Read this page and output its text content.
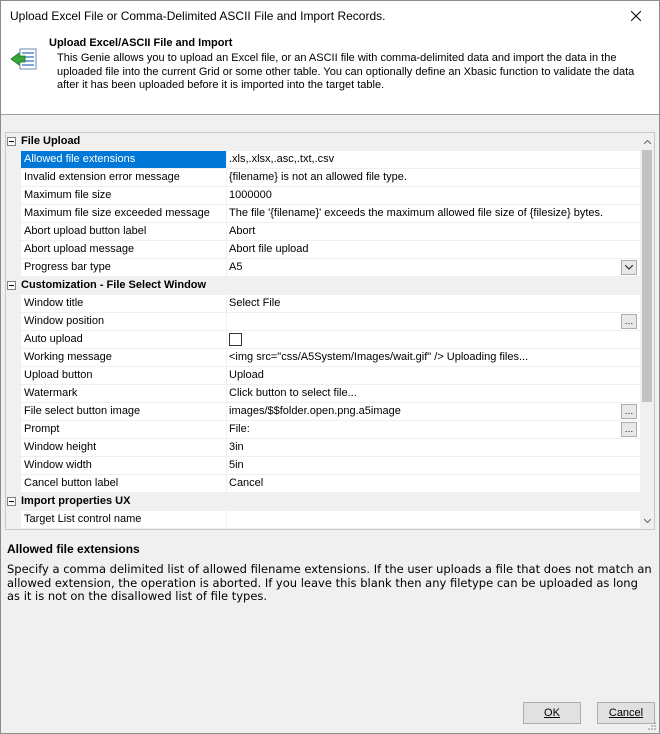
Upload Excel File or Comma-Delimited ASCII File and Import Records.
Upload Excel/ASCII File and Import
This Genie allows you to upload an Excel file, or an ASCII file with comma-delimited data and import the data in the uploaded file into the current Grid or some other table. You can optionally define an Xbasic function to validate the data after it has been uploaded before it is imported into the target table.
File Upload
Allowed file extensions	.xls,.xlsx,.asc,.txt,.csv
Invalid extension error message	{filename} is not an allowed file type.
Maximum file size	1000000
Maximum file size exceeded message	The file '{filename}' exceeds the maximum allowed file size of {filesize} bytes.
Abort upload button label	Abort
Abort upload message	Abort file upload
Progress bar type	A5
Customization - File Select Window
Window title	Select File
Window position	…
Auto upload
Working message	<img src="css/A5System/Images/wait.gif" /> Uploading files...
Upload button	Upload
Watermark	Click button to select file...
File select button image	images/$$folder.open.png.a5image	…
Prompt	File:	…
Window height	3in
Window width	5in
Cancel button label	Cancel
Import properties UX
Target List control name
Allowed file extensions
Specify a comma delimited list of allowed filename extensions. If the user uploads a file that does not match an allowed extension, the operation is aborted. If you leave this blank then any filetype can be uploaded as long as it is not on the disallowed list of file types.
OK	Cancel
